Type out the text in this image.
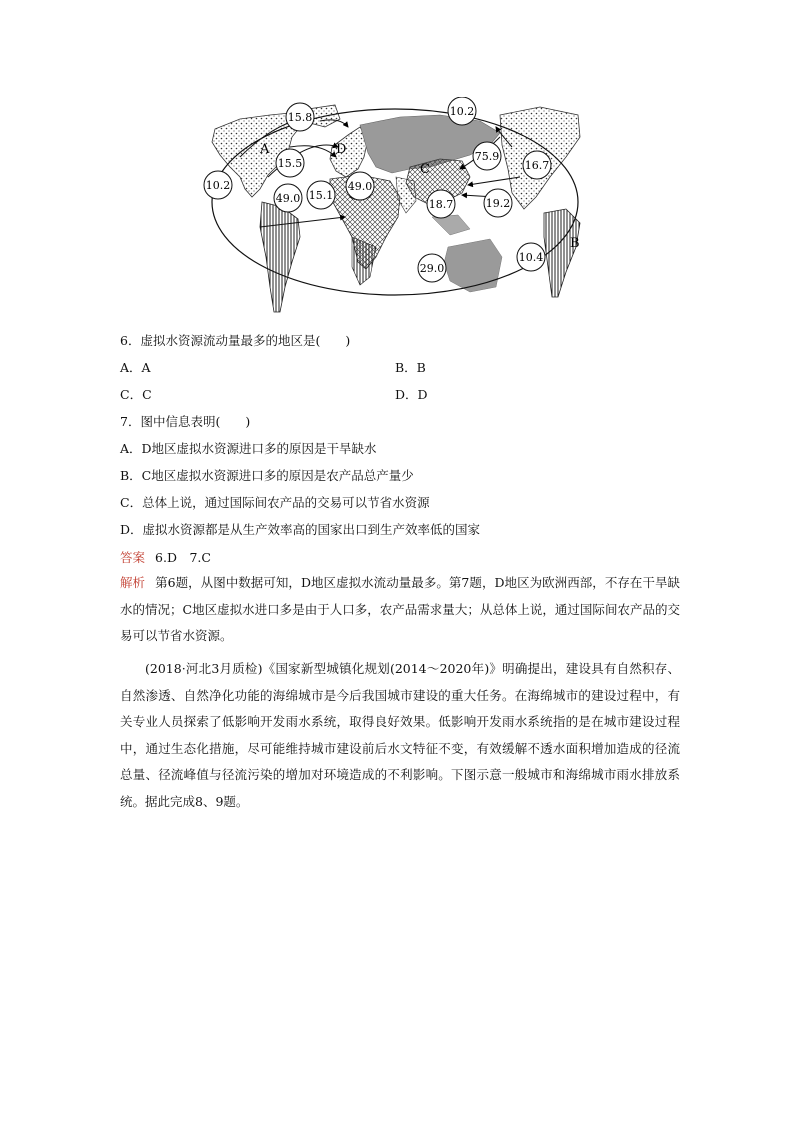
15.8
10.2
15.5
10.2
49.0 15.1
49.0
75.9
16.7
18.7	19.2
29.0
10.4
A	D
C
B
6．虚拟水资源流动量最多的地区是(　　)
A．A	B．B
C．C	D．D
7．图中信息表明(　　)
A．D地区虚拟水资源进口多的原因是干旱缺水
B．C地区虚拟水资源进口多的原因是农产品总产量少
C．总体上说，通过国际间农产品的交易可以节省水资源
D．虚拟水资源都是从生产效率高的国家出口到生产效率低的国家
答案 6.D　7.C
解析 第6题，从图中数据可知，D地区虚拟水流动量最多。第7题，D地区为欧洲西部，不存在干旱缺水的情况；C地区虚拟水进口多是由于人口多，农产品需求量大；从总体上说，通过国际间农产品的交易可以节省水资源。
(2018·河北3月质检)《国家新型城镇化规划(2014～2020年)》明确提出，建设具有自然积存、自然渗透、自然净化功能的海绵城市是今后我国城市建设的重大任务。在海绵城市的建设过程中，有关专业人员探索了低影响开发雨水系统，取得良好效果。低影响开发雨水系统指的是在城市建设过程中，通过生态化措施，尽可能维持城市建设前后水文特征不变，有效缓解不透水面积增加造成的径流总量、径流峰值与径流污染的增加对环境造成的不利影响。下图示意一般城市和海绵城市雨水排放系统。据此完成8、9题。
